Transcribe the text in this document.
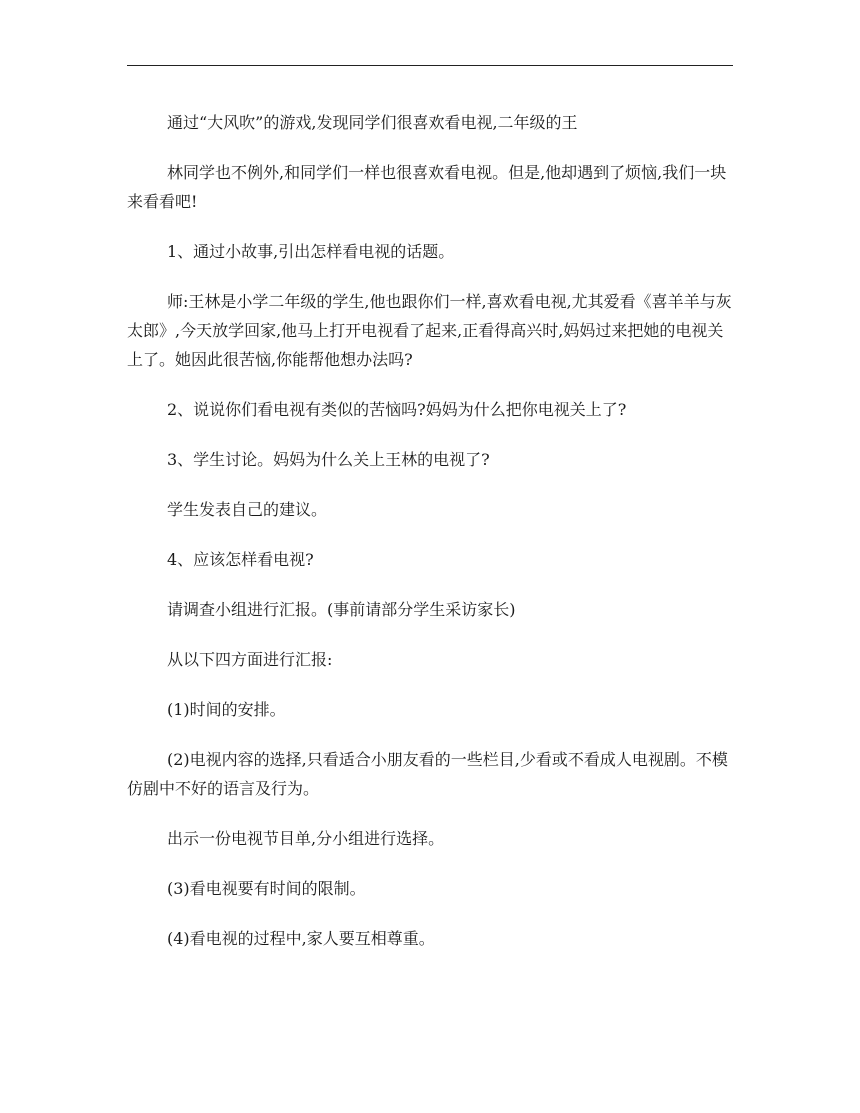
通过“大风吹”的游戏,发现同学们很喜欢看电视,二年级的王

林同学也不例外,和同学们一样也很喜欢看电视。但是,他却遇到了烦恼,我们一块来看看吧!

1、通过小故事,引出怎样看电视的话题。

师:王林是小学二年级的学生,他也跟你们一样,喜欢看电视,尤其爱看《喜羊羊与灰太郎》,今天放学回家,他马上打开电视看了起来,正看得高兴时,妈妈过来把她的电视关上了。她因此很苦恼,你能帮他想办法吗?

2、说说你们看电视有类似的苦恼吗?妈妈为什么把你电视关上了?

3、学生讨论。妈妈为什么关上王林的电视了?

学生发表自己的建议。

4、应该怎样看电视?

请调查小组进行汇报。(事前请部分学生采访家长)

从以下四方面进行汇报:

(1)时间的安排。

(2)电视内容的选择,只看适合小朋友看的一些栏目,少看或不看成人电视剧。不模仿剧中不好的语言及行为。

出示一份电视节目单,分小组进行选择。

(3)看电视要有时间的限制。

(4)看电视的过程中,家人要互相尊重。
